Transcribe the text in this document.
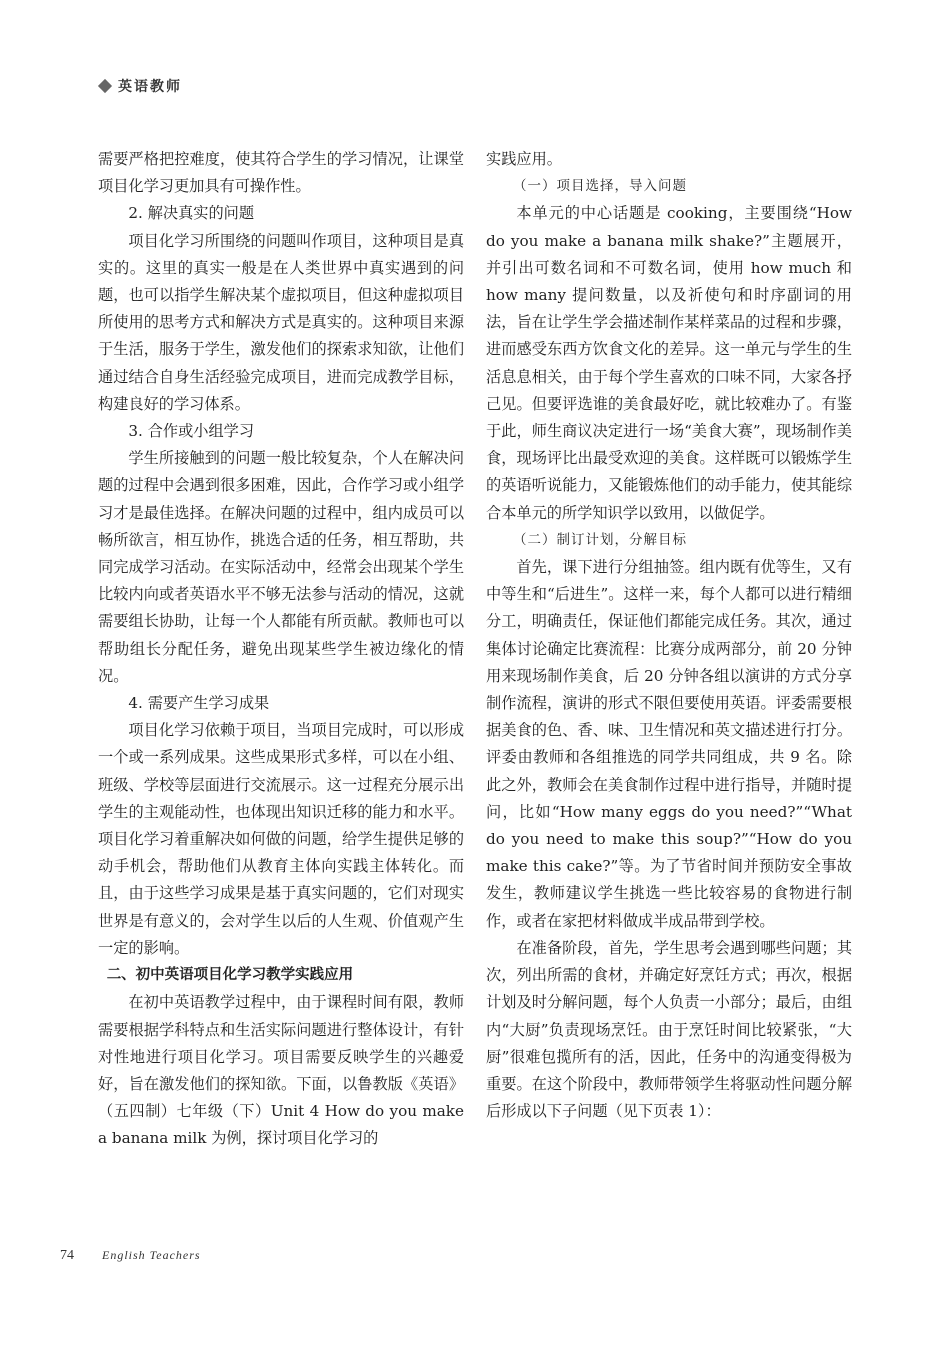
英语教师

需要严格把控难度，使其符合学生的学习情况，让课堂项目化学习更加具有可操作性。

2. 解决真实的问题

项目化学习所围绕的问题叫作项目，这种项目是真实的。这里的真实一般是在人类世界中真实遇到的问题，也可以指学生解决某个虚拟项目，但这种虚拟项目所使用的思考方式和解决方式是真实的。这种项目来源于生活，服务于学生，激发他们的探索求知欲，让他们通过结合自身生活经验完成项目，进而完成教学目标，构建良好的学习体系。

3. 合作或小组学习

学生所接触到的问题一般比较复杂，个人在解决问题的过程中会遇到很多困难，因此，合作学习或小组学习才是最佳选择。在解决问题的过程中，组内成员可以畅所欲言，相互协作，挑选合适的任务，相互帮助，共同完成学习活动。在实际活动中，经常会出现某个学生比较内向或者英语水平不够无法参与活动的情况，这就需要组长协助，让每一个人都能有所贡献。教师也可以帮助组长分配任务，避免出现某些学生被边缘化的情况。

4. 需要产生学习成果

项目化学习依赖于项目，当项目完成时，可以形成一个或一系列成果。这些成果形式多样，可以在小组、班级、学校等层面进行交流展示。这一过程充分展示出学生的主观能动性，也体现出知识迁移的能力和水平。项目化学习着重解决如何做的问题，给学生提供足够的动手机会，帮助他们从教育主体向实践主体转化。而且，由于这些学习成果是基于真实问题的，它们对现实世界是有意义的，会对学生以后的人生观、价值观产生一定的影响。

二、初中英语项目化学习教学实践应用

在初中英语教学过程中，由于课程时间有限，教师需要根据学科特点和生活实际问题进行整体设计，有针对性地进行项目化学习。项目需要反映学生的兴趣爱好，旨在激发他们的探知欲。下面，以鲁教版《英语》（五四制）七年级（下）Unit 4 How do you make a banana milk 为例，探讨项目化学习的

实践应用。

（一）项目选择，导入问题

本单元的中心话题是 cooking，主要围绕“How do you make a banana milk shake?”主题展开，并引出可数名词和不可数名词，使用 how much 和 how many 提问数量，以及祈使句和时序副词的用法，旨在让学生学会描述制作某样菜品的过程和步骤，进而感受东西方饮食文化的差异。这一单元与学生的生活息息相关，由于每个学生喜欢的口味不同，大家各抒己见。但要评选谁的美食最好吃，就比较难办了。有鉴于此，师生商议决定进行一场“美食大赛”，现场制作美食，现场评比出最受欢迎的美食。这样既可以锻炼学生的英语听说能力，又能锻炼他们的动手能力，使其能综合本单元的所学知识学以致用，以做促学。

（二）制订计划，分解目标

首先，课下进行分组抽签。组内既有优等生，又有中等生和“后进生”。这样一来，每个人都可以进行精细分工，明确责任，保证他们都能完成任务。其次，通过集体讨论确定比赛流程：比赛分成两部分，前 20 分钟用来现场制作美食，后 20 分钟各组以演讲的方式分享制作流程，演讲的形式不限但要使用英语。评委需要根据美食的色、香、味、卫生情况和英文描述进行打分。评委由教师和各组推选的同学共同组成，共 9 名。除此之外，教师会在美食制作过程中进行指导，并随时提问，比如“How many eggs do you need?”“What do you need to make this soup?”“How do you make this cake?”等。为了节省时间并预防安全事故发生，教师建议学生挑选一些比较容易的食物进行制作，或者在家把材料做成半成品带到学校。

在准备阶段，首先，学生思考会遇到哪些问题；其次，列出所需的食材，并确定好烹饪方式；再次，根据计划及时分解问题，每个人负责一小部分；最后，由组内“大厨”负责现场烹饪。由于烹饪时间比较紧张，“大厨”很难包揽所有的活，因此，任务中的沟通变得极为重要。在这个阶段中，教师带领学生将驱动性问题分解后形成以下子问题（见下页表 1）：

74 English Teachers
